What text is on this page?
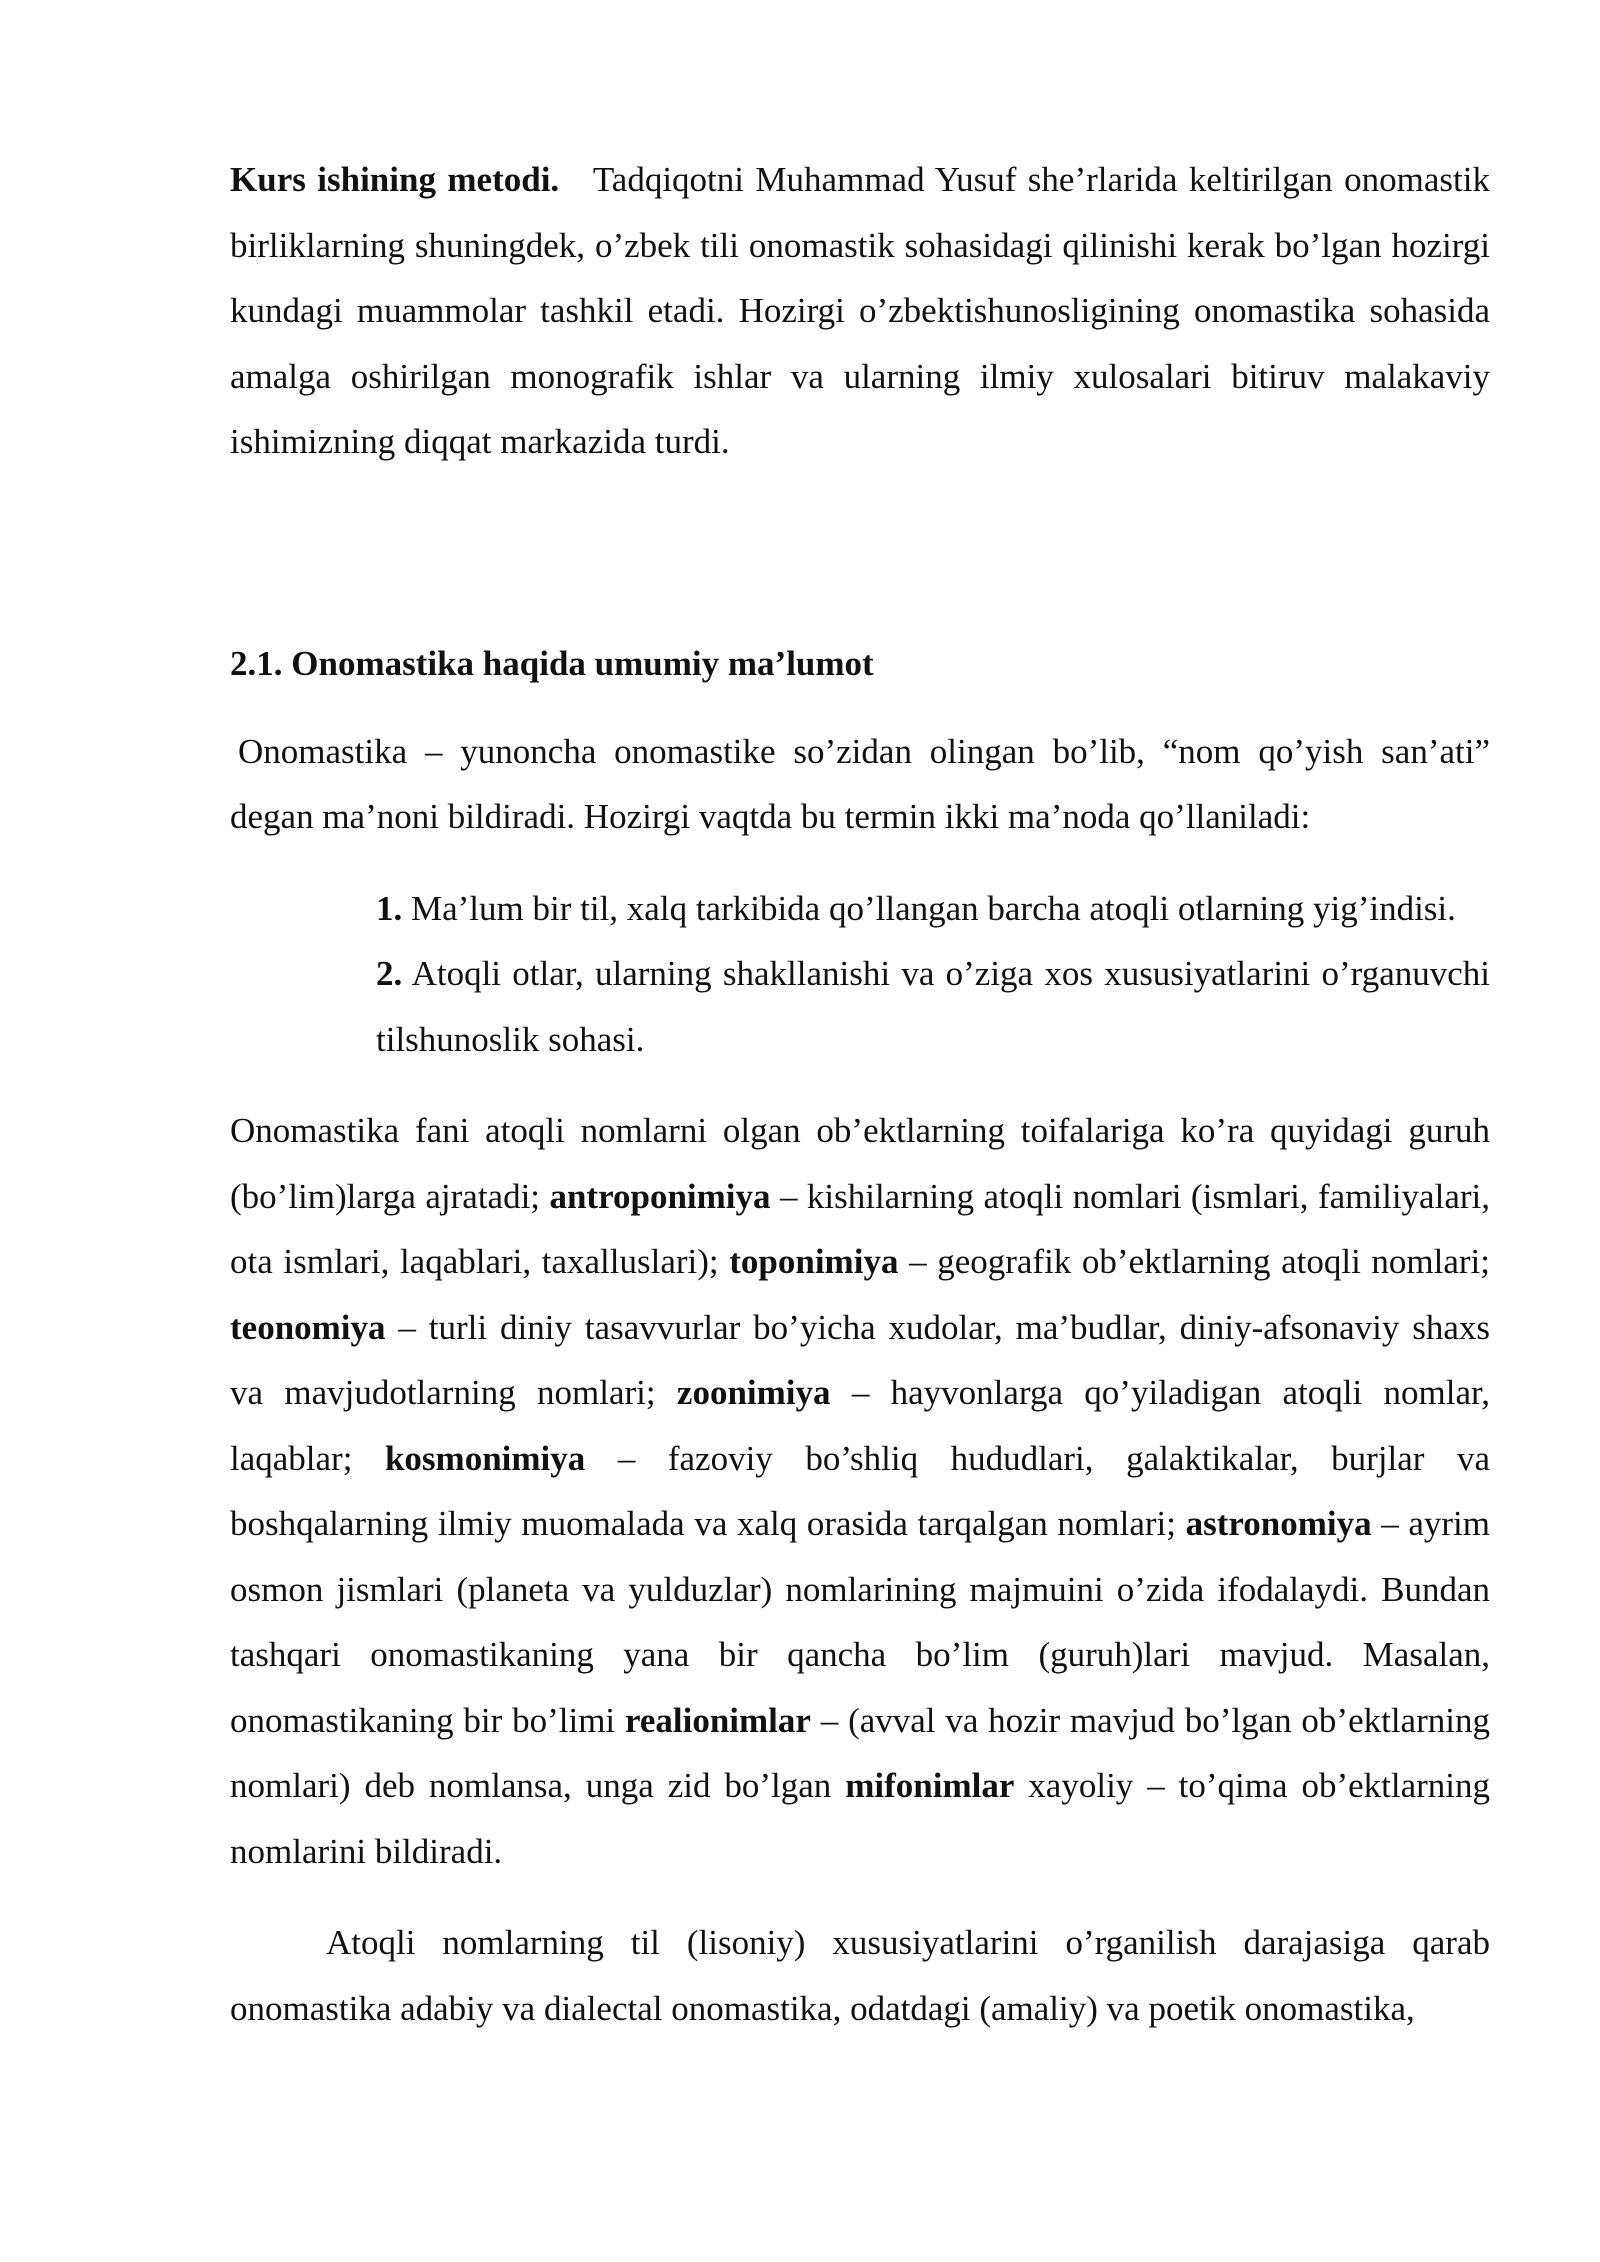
Kurs ishining metodi. Tadqiqotni Muhammad Yusuf she’rlarida keltirilgan onomastik birliklarning shuningdek, o’zbek tili onomastik sohasidagi qilinishi kerak bo’lgan hozirgi kundagi muammolar tashkil etadi. Hozirgi o’zbektishunosligining onomastika sohasida amalga oshirilgan monografik ishlar va ularning ilmiy xulosalari bitiruv malakaviy ishimizning diqqat markazida turdi.

2.1. Onomastika haqida umumiy ma’lumot

Onomastika – yunoncha onomastike so’zidan olingan bo’lib, “nom qo’yish san’ati” degan ma’noni bildiradi. Hozirgi vaqtda bu termin ikki ma’noda qo’llaniladi:

1. Ma’lum bir til, xalq tarkibida qo’llangan barcha atoqli otlarning yig’indisi.
2. Atoqli otlar, ularning shakllanishi va o’ziga xos xususiyatlarini o’rganuvchi tilshunoslik sohasi.

Onomastika fani atoqli nomlarni olgan ob’ektlarning toifalariga ko’ra quyidagi guruh (bo’lim)larga ajratadi; antroponimiya – kishilarning atoqli nomlari (ismlari, familiyalari, ota ismlari, laqablari, taxalluslari); toponimiya – geografik ob’ektlarning atoqli nomlari; teonomiya – turli diniy tasavvurlar bo’yicha xudolar, ma’budlar, diniy-afsonaviy shaxs va mavjudotlarning nomlari; zoonimiya – hayvonlarga qo’yiladigan atoqli nomlar, laqablar; kosmonimiya – fazoviy bo’shliq hududlari, galaktikalar, burjlar va boshqalarning ilmiy muomalada va xalq orasida tarqalgan nomlari; astronomiya – ayrim osmon jismlari (planeta va yulduzlar) nomlarining majmuini o’zida ifodalaydi. Bundan tashqari onomastikaning yana bir qancha bo’lim (guruh)lari mavjud. Masalan, onomastikaning bir bo’limi realionimlar – (avval va hozir mavjud bo’lgan ob’ektlarning nomlari) deb nomlansa, unga zid bo’lgan mifonimlar xayoliy – to’qima ob’ektlarning nomlarini bildiradi.

Atoqli nomlarning til (lisoniy) xususiyatlarini o’rganilish darajasiga qarab onomastika adabiy va dialectal onomastika, odatdagi (amaliy) va poetik onomastika,
